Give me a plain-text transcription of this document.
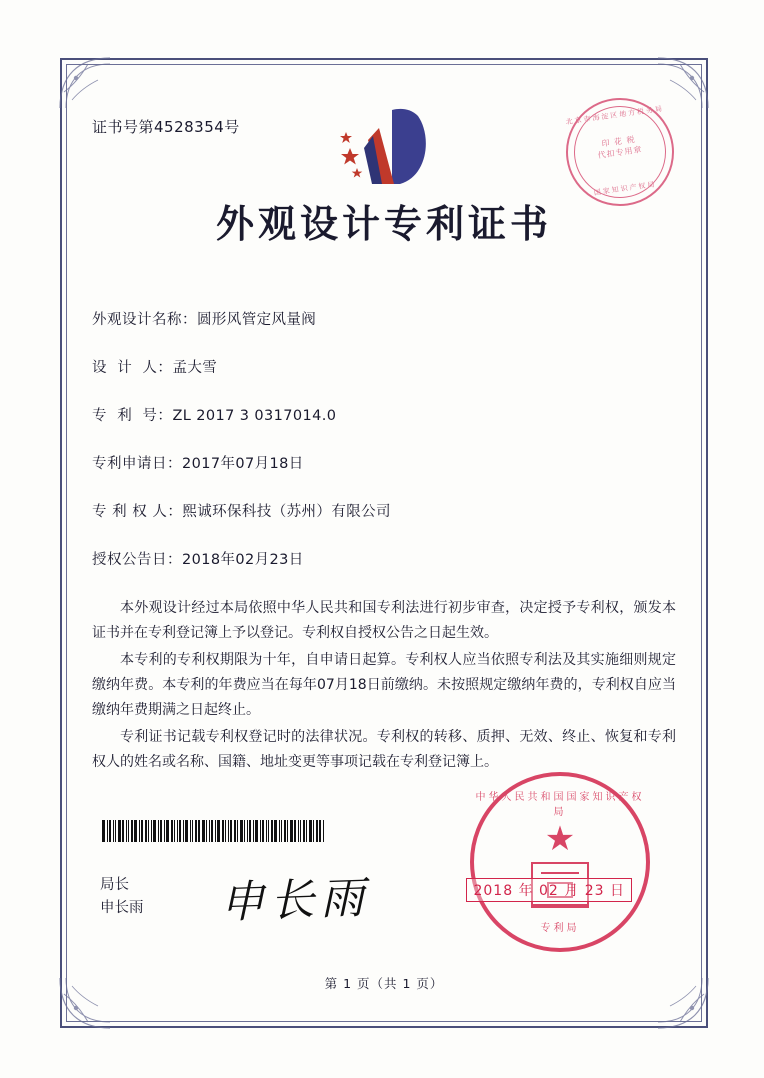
证书号第4528354号
北京市海淀区地方税务局
印 花 税
代扣专用章
国家知识产权局
外观设计专利证书
外观设计名称： 圆形风管定风量阀
设  计  人： 孟大雪
专  利  号： ZL 2017 3 0317014.0
专利申请日： 2017年07月18日
专 利 权 人： 熙诚环保科技（苏州）有限公司
授权公告日： 2018年02月23日

本外观设计经过本局依照中华人民共和国专利法进行初步审查，决定授予专利权，颁发本证书并在专利登记簿上予以登记。专利权自授权公告之日起生效。

本专利的专利权期限为十年，自申请日起算。专利权人应当依照专利法及其实施细则规定缴纳年费。本专利的年费应当在每年07月18日前缴纳。未按照规定缴纳年费的，专利权自应当缴纳年费期满之日起终止。

专利证书记载专利权登记时的法律状况。专利权的转移、质押、无效、终止、恢复和专利权人的姓名或名称、国籍、地址变更等事项记载在专利登记簿上。

局长
申长雨 申长雨
中华人民共和国国家知识产权局
★
专利局
2018 年 02 月 23 日
第 1 页（共 1 页）
